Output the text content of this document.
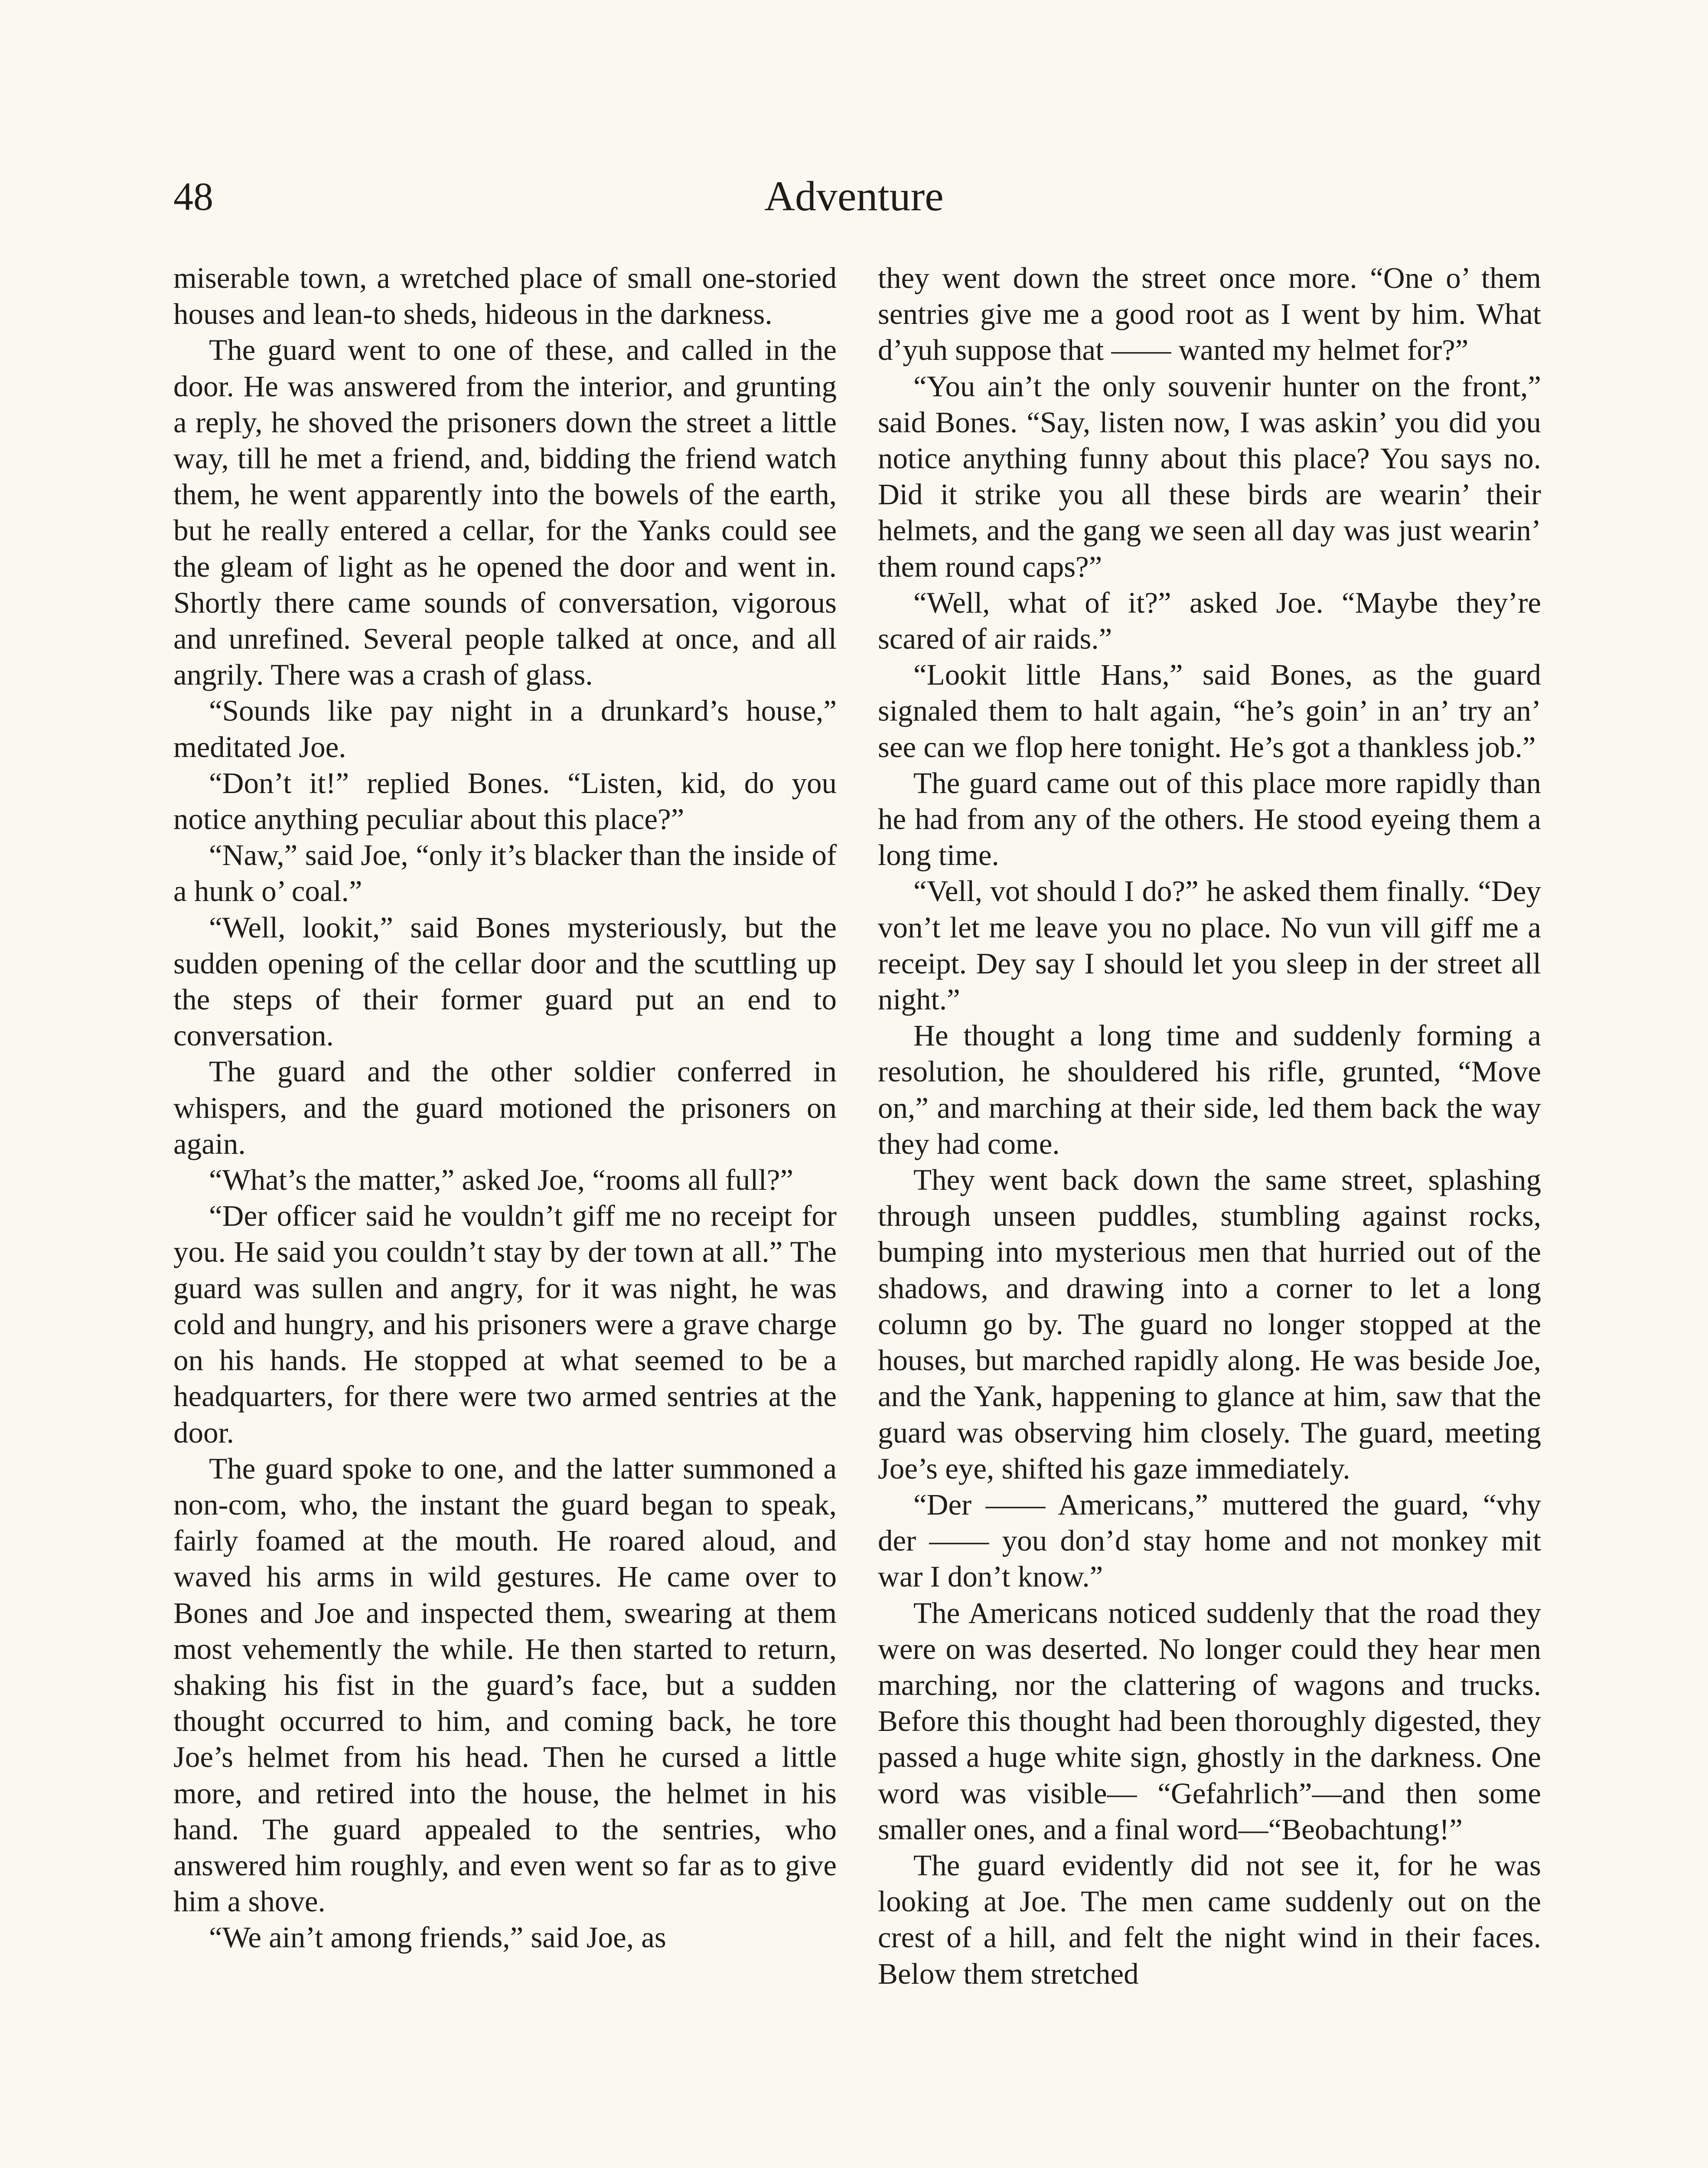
48	Adventure

miserable town, a wretched place of small one-storied houses and lean-to sheds, hideous in the darkness.

The guard went to one of these, and called in the door. He was answered from the interior, and grunting a reply, he shoved the prisoners down the street a little way, till he met a friend, and, bidding the friend watch them, he went apparently into the bowels of the earth, but he really entered a cellar, for the Yanks could see the gleam of light as he opened the door and went in. Shortly there came sounds of conversation, vigorous and unrefined. Several people talked at once, and all angrily. There was a crash of glass.

“Sounds like pay night in a drunkard’s house,” meditated Joe.

“Don’t it!” replied Bones. “Listen, kid, do you notice anything peculiar about this place?”

“Naw,” said Joe, “only it’s blacker than the inside of a hunk o’ coal.”

“Well, lookit,” said Bones mysteriously, but the sudden opening of the cellar door and the scuttling up the steps of their former guard put an end to conversation.

The guard and the other soldier conferred in whispers, and the guard motioned the prisoners on again.

“What’s the matter,” asked Joe, “rooms all full?”

“Der officer said he vouldn’t giff me no receipt for you. He said you couldn’t stay by der town at all.” The guard was sullen and angry, for it was night, he was cold and hungry, and his prisoners were a grave charge on his hands. He stopped at what seemed to be a headquarters, for there were two armed sentries at the door.

The guard spoke to one, and the latter summoned a non-com, who, the instant the guard began to speak, fairly foamed at the mouth. He roared aloud, and waved his arms in wild gestures. He came over to Bones and Joe and inspected them, swearing at them most vehemently the while. He then started to return, shaking his fist in the guard’s face, but a sudden thought occurred to him, and coming back, he tore Joe’s helmet from his head. Then he cursed a little more, and retired into the house, the helmet in his hand. The guard appealed to the sentries, who answered him roughly, and even went so far as to give him a shove.

“We ain’t among friends,” said Joe, as

they went down the street once more. “One o’ them sentries give me a good root as I went by him. What d’yuh suppose that —— wanted my helmet for?”

“You ain’t the only souvenir hunter on the front,” said Bones. “Say, listen now, I was askin’ you did you notice anything funny about this place? You says no. Did it strike you all these birds are wearin’ their helmets, and the gang we seen all day was just wearin’ them round caps?”

“Well, what of it?” asked Joe. “Maybe they’re scared of air raids.”

“Lookit little Hans,” said Bones, as the guard signaled them to halt again, “he’s goin’ in an’ try an’ see can we flop here tonight. He’s got a thankless job.”

The guard came out of this place more rapidly than he had from any of the others. He stood eyeing them a long time.

“Vell, vot should I do?” he asked them finally. “Dey von’t let me leave you no place. No vun vill giff me a receipt. Dey say I should let you sleep in der street all night.”

He thought a long time and suddenly forming a resolution, he shouldered his rifle, grunted, “Move on,” and marching at their side, led them back the way they had come.

They went back down the same street, splashing through unseen puddles, stumbling against rocks, bumping into mysterious men that hurried out of the shadows, and drawing into a corner to let a long column go by. The guard no longer stopped at the houses, but marched rapidly along. He was beside Joe, and the Yank, happening to glance at him, saw that the guard was observing him closely. The guard, meeting Joe’s eye, shifted his gaze immediately.

“Der —— Americans,” muttered the guard, “vhy der —— you don’d stay home and not monkey mit war I don’t know.”

The Americans noticed suddenly that the road they were on was deserted. No longer could they hear men marching, nor the clattering of wagons and trucks. Before this thought had been thoroughly digested, they passed a huge white sign, ghostly in the darkness. One word was visible— “Gefahrlich”—and then some smaller ones, and a final word—“Beobachtung!”

The guard evidently did not see it, for he was looking at Joe. The men came suddenly out on the crest of a hill, and felt the night wind in their faces. Below them stretched
